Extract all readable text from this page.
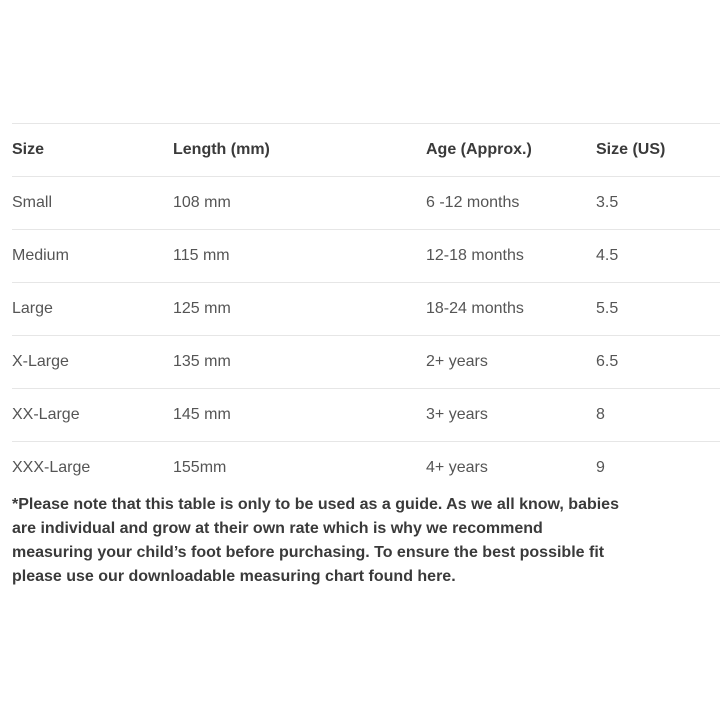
Size	Length (mm)	Age (Approx.)	Size (US)
Small	108 mm	6 -12 months	3.5
Medium	115 mm	12-18 months	4.5
Large	125 mm	18-24 months	5.5
X-Large	135 mm	2+ years	6.5
XX-Large	145 mm	3+ years	8
XXX-Large	155mm	4+ years	9

*Please note that this table is only to be used as a guide. As we all know, babies are individual and grow at their own rate which is why we recommend measuring your child’s foot before purchasing. To ensure the best possible fit please use our downloadable measuring chart found here.
